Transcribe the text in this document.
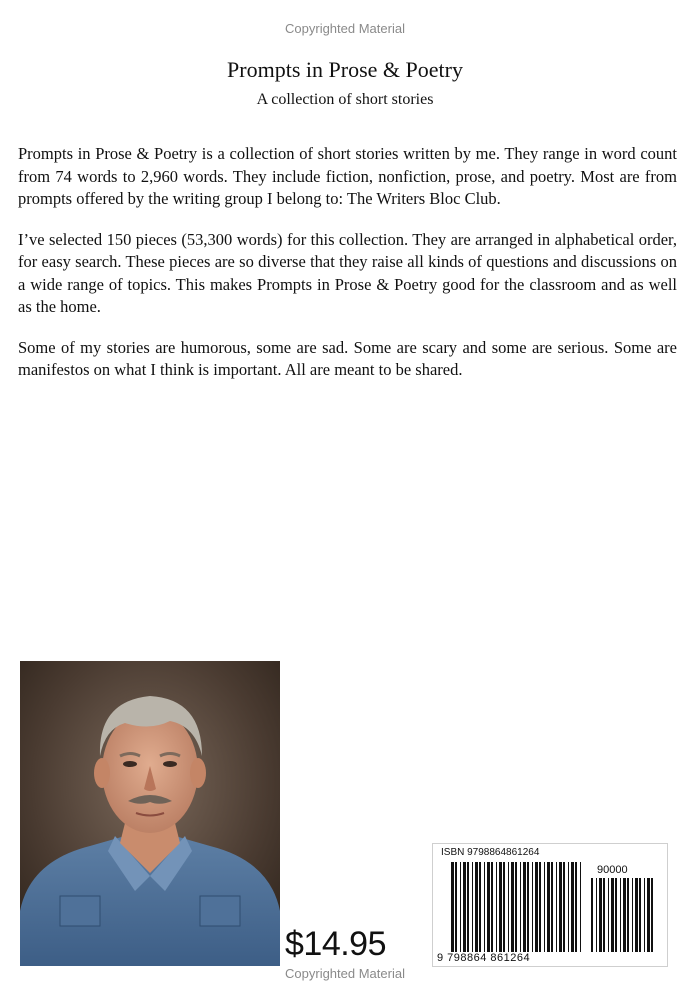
Copyrighted Material
Prompts in Prose & Poetry
A collection of short stories

Prompts in Prose & Poetry is a collection of short stories written by me. They range in word count from 74 words to 2,960 words. They include fiction, nonfiction, prose, and poetry. Most are from prompts offered by the writing group I belong to: The Writers Bloc Club.

I’ve selected 150 pieces (53,300 words) for this collection. They are arranged in alphabetical order, for easy search. These pieces are so diverse that they raise all kinds of questions and discussions on a wide range of topics. This makes Prompts in Prose & Poetry good for the classroom and as well as the home.

Some of my stories are humorous, some are sad. Some are scary and some are serious. Some are manifestos on what I think is important. All are meant to be shared.

$14.95
ISBN 9798864861264
90000
9 798864 861264
Copyrighted Material
